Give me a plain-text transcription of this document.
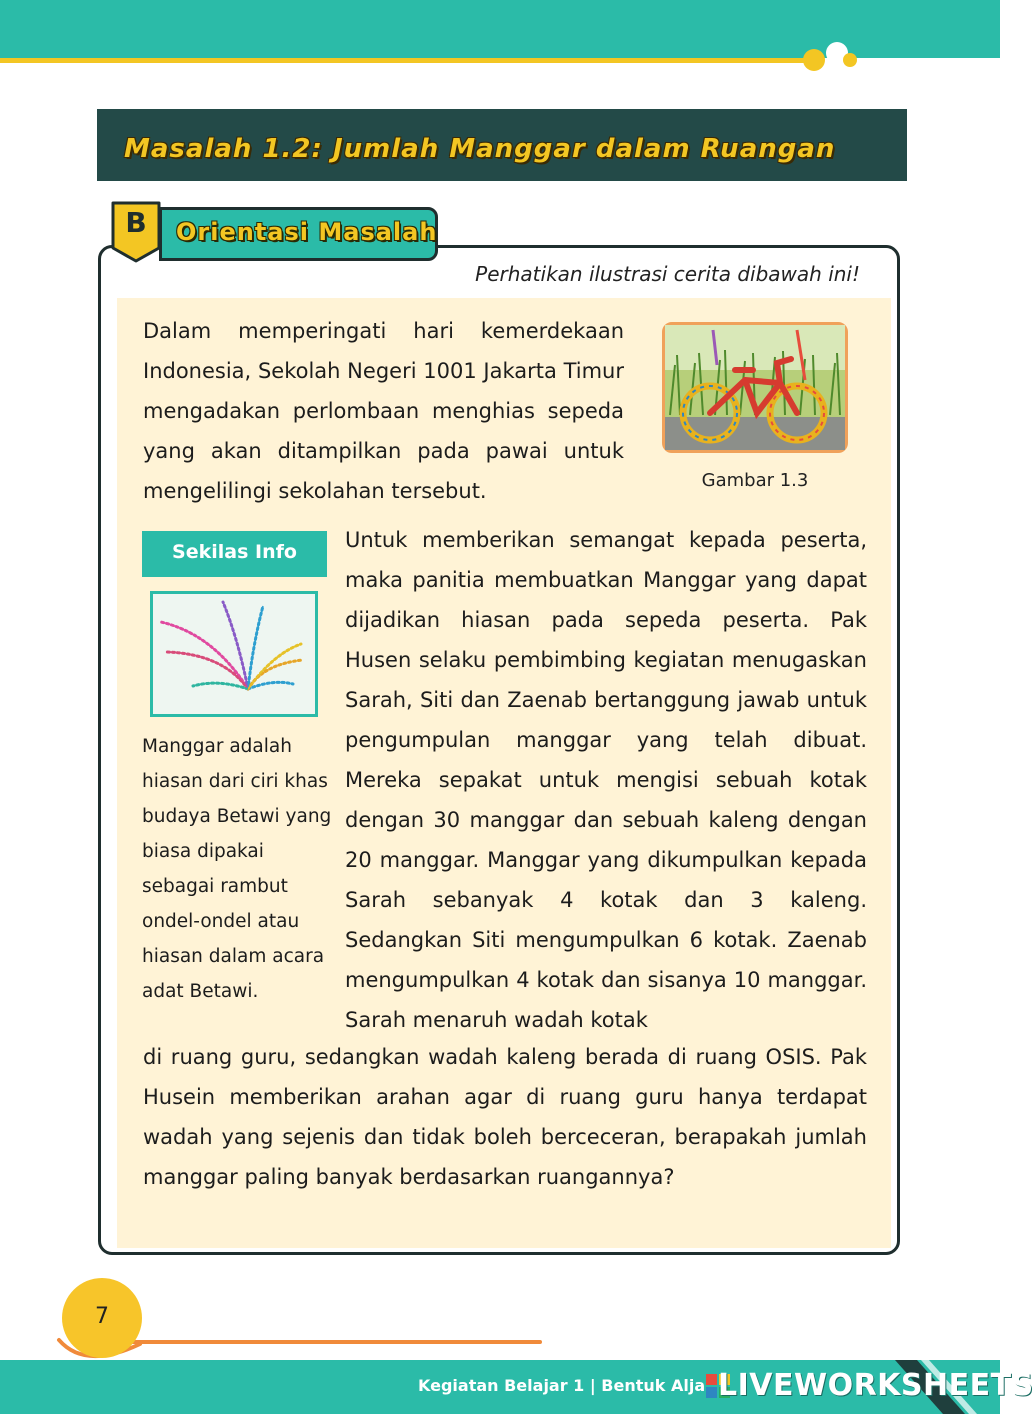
Masalah 1.2: Jumlah Manggar dalam Ruangan
Orientasi Masalah
B
Perhatikan ilustrasi cerita dibawah ini!
Dalam memperingati hari kemerdekaan Indonesia, Sekolah Negeri 1001 Jakarta Timur mengadakan perlombaan menghias sepeda yang akan ditampilkan pada pawai untuk mengelilingi sekolahan tersebut.	Gambar 1.3
Sekilas Info
Manggar adalah hiasan dari ciri khas budaya Betawi yang biasa dipakai sebagai rambut ondel-ondel atau hiasan dalam acara adat Betawi.
Untuk memberikan semangat kepada peserta, maka panitia membuatkan Manggar yang dapat dijadikan hiasan pada sepeda peserta. Pak Husen selaku pembimbing kegiatan menugaskan Sarah, Siti dan Zaenab bertanggung jawab untuk pengumpulan manggar yang telah dibuat. Mereka sepakat untuk mengisi sebuah kotak dengan 30 manggar dan sebuah kaleng dengan 20 manggar. Manggar yang dikumpulkan kepada Sarah sebanyak 4 kotak dan 3 kaleng. Sedangkan Siti mengumpulkan 6 kotak. Zaenab mengumpulkan 4 kotak dan sisanya 10 manggar. Sarah menaruh wadah kotak
di ruang guru, sedangkan wadah kaleng berada di ruang OSIS. Pak Husein memberikan arahan agar di ruang guru hanya terdapat wadah yang sejenis dan tidak boleh berceceran, berapakah jumlah manggar paling banyak berdasarkan ruangannya?
7
Kegiatan Belajar 1 | Bentuk Alja LIVEWORKSHEETS
